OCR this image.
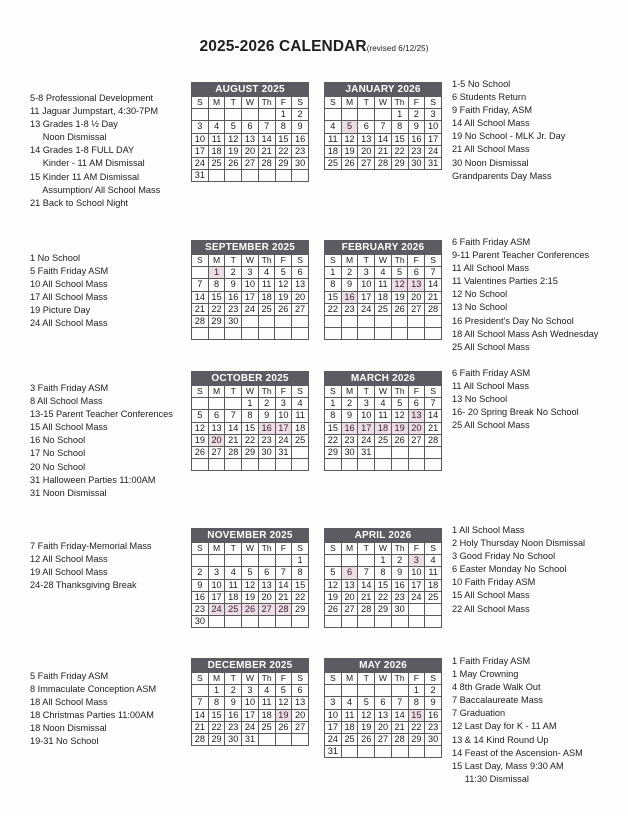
2025-2026 CALENDAR(revised 6/12/25)
5-8 Professional Development
11 Jaguar Jumpstart, 4:30-7PM
13 Grades 1-8 ½ Day
Noon Dismissal
14 Grades 1-8 FULL DAY
Kinder - 11 AM Dismissal
15 Kinder 11 AM Dismissal
Assumption/ All School Mass
21 Back to School Night
AUGUST 2025						
S	M	T	W	Th	F	S
					1	2
3	4	5	6	7	8	9
10	11	12	13	14	15	16
17	18	19	20	21	22	23
24	25	26	27	28	29	30
31						
JANUARY 2026						
S	M	T	W	Th	F	S
				1	2	3
4	5	6	7	8	9	10
11	12	13	14	15	16	17
18	19	20	21	22	23	24
25	26	27	28	29	30	31
1-5 No School
6 Students Return
9 Faith Friday, ASM
14 All School Mass
19 No School - MLK Jr. Day
21 All School Mass
30 Noon Dismissal
Grandparents Day Mass
1 No School
5 Faith Friday ASM
10 All School Mass
17 All School Mass
19 Picture Day
24 All School Mass
SEPTEMBER 2025						
S	M	T	W	Th	F	S
	1	2	3	4	5	6
7	8	9	10	11	12	13
14	15	16	17	18	19	20
21	22	23	24	25	26	27
28	29	30				

FEBRUARY 2026						
S	M	T	W	Th	F	S
1	2	3	4	5	6	7
8	9	10	11	12	13	14
15	16	17	18	19	20	21
22	23	24	25	26	27	28

6 Faith Friday ASM
9-11 Parent Teacher Conferences
11 All School Mass
11 Valentines Parties 2:15
12 No School
13 No School
16 President's Day No School
18 All School Mass Ash Wednesday
25 All School Mass
3 Faith Friday ASM
8 All School Mass
13-15 Parent Teacher Conferences
15 All School Mass
16 No School
17 No School
20 No School
31 Halloween Parties 11:00AM
31 Noon Dismissal
OCTOBER 2025						
S	M	T	W	Th	F	S
			1	2	3	4
5	6	7	8	9	10	11
12	13	14	15	16	17	18
19	20	21	22	23	24	25
26	27	28	29	30	31	

MARCH 2026						
S	M	T	W	Th	F	S
1	2	3	4	5	6	7
8	9	10	11	12	13	14
15	16	17	18	19	20	21
22	23	24	25	26	27	28
29	30	31				

6 Faith Friday ASM
11 All School Mass
13 No School
16- 20 Spring Break No School
25 All School Mass
7 Faith Friday-Memorial Mass
12 All School Mass
19 All School Mass
24-28 Thanksgiving Break
NOVEMBER 2025						
S	M	T	W	Th	F	S
						1
2	3	4	5	6	7	8
9	10	11	12	13	14	15
16	17	18	19	20	21	22
23	24	25	26	27	28	29
30						
APRIL 2026						
S	M	T	W	Th	F	S
			1	2	3	4
5	6	7	8	9	10	11
12	13	14	15	16	17	18
19	20	21	22	23	24	25
26	27	28	29	30		

1 All School Mass
2 Holy Thursday Noon Dismissal
3 Good Friday No School
6 Easter Monday No School
10 Faith Friday ASM
15 All School Mass
22 All School Mass
5 Faith Friday ASM
8 Immaculate Conception ASM
18 All School Mass
18 Christmas Parties 11:00AM
18 Noon Dismissal
19-31 No School
DECEMBER 2025						
S	M	T	W	Th	F	S
	1	2	3	4	5	6
7	8	9	10	11	12	13
14	15	16	17	18	19	20
21	22	23	24	25	26	27
28	29	30	31			
MAY 2026						
S	M	T	W	Th	F	S
					1	2
3	4	5	6	7	8	9
10	11	12	13	14	15	16
17	18	19	20	21	22	23
24	25	26	27	28	29	30
31						
1 Faith Friday ASM
1 May Crowning
4 8th Grade Walk Out
7 Baccalaureate Mass
7 Graduation
12 Last Day for K - 11 AM
13 & 14 Kind Round Up
14 Feast of the Ascension- ASM
15 Last Day, Mass 9:30 AM
11:30 Dismissal
